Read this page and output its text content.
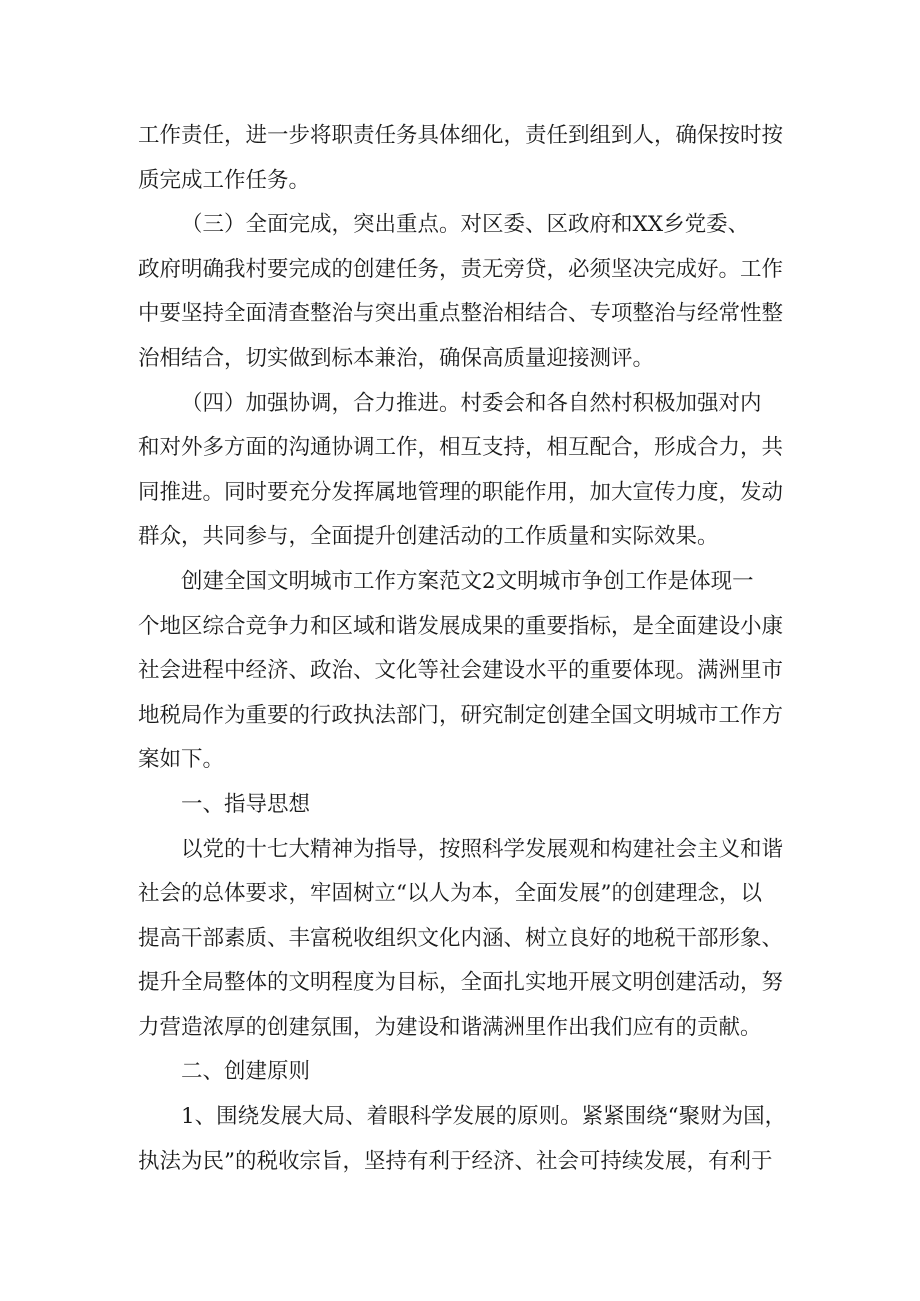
工作责任，进一步将职责任务具体细化，责任到组到人，确保按时按
质完成工作任务。

（三）全面完成，突出重点。对区委、区政府和XX乡党委、
政府明确我村要完成的创建任务，责无旁贷，必须坚决完成好。工作
中要坚持全面清查整治与突出重点整治相结合、专项整治与经常性整
治相结合，切实做到标本兼治，确保高质量迎接测评。

（四）加强协调，合力推进。村委会和各自然村积极加强对内
和对外多方面的沟通协调工作，相互支持，相互配合，形成合力，共
同推进。同时要充分发挥属地管理的职能作用，加大宣传力度，发动
群众，共同参与，全面提升创建活动的工作质量和实际效果。

创建全国文明城市工作方案范文2文明城市争创工作是体现一
个地区综合竞争力和区域和谐发展成果的重要指标，是全面建设小康
社会进程中经济、政治、文化等社会建设水平的重要体现。满洲里市
地税局作为重要的行政执法部门，研究制定创建全国文明城市工作方
案如下。

一、指导思想

以党的十七大精神为指导，按照科学发展观和构建社会主义和谐
社会的总体要求，牢固树立“以人为本，全面发展”的创建理念，以
提高干部素质、丰富税收组织文化内涵、树立良好的地税干部形象、
提升全局整体的文明程度为目标，全面扎实地开展文明创建活动，努
力营造浓厚的创建氛围，为建设和谐满洲里作出我们应有的贡献。

二、创建原则

1、围绕发展大局、着眼科学发展的原则。紧紧围绕“聚财为国，
执法为民”的税收宗旨，坚持有利于经济、社会可持续发展，有利于
